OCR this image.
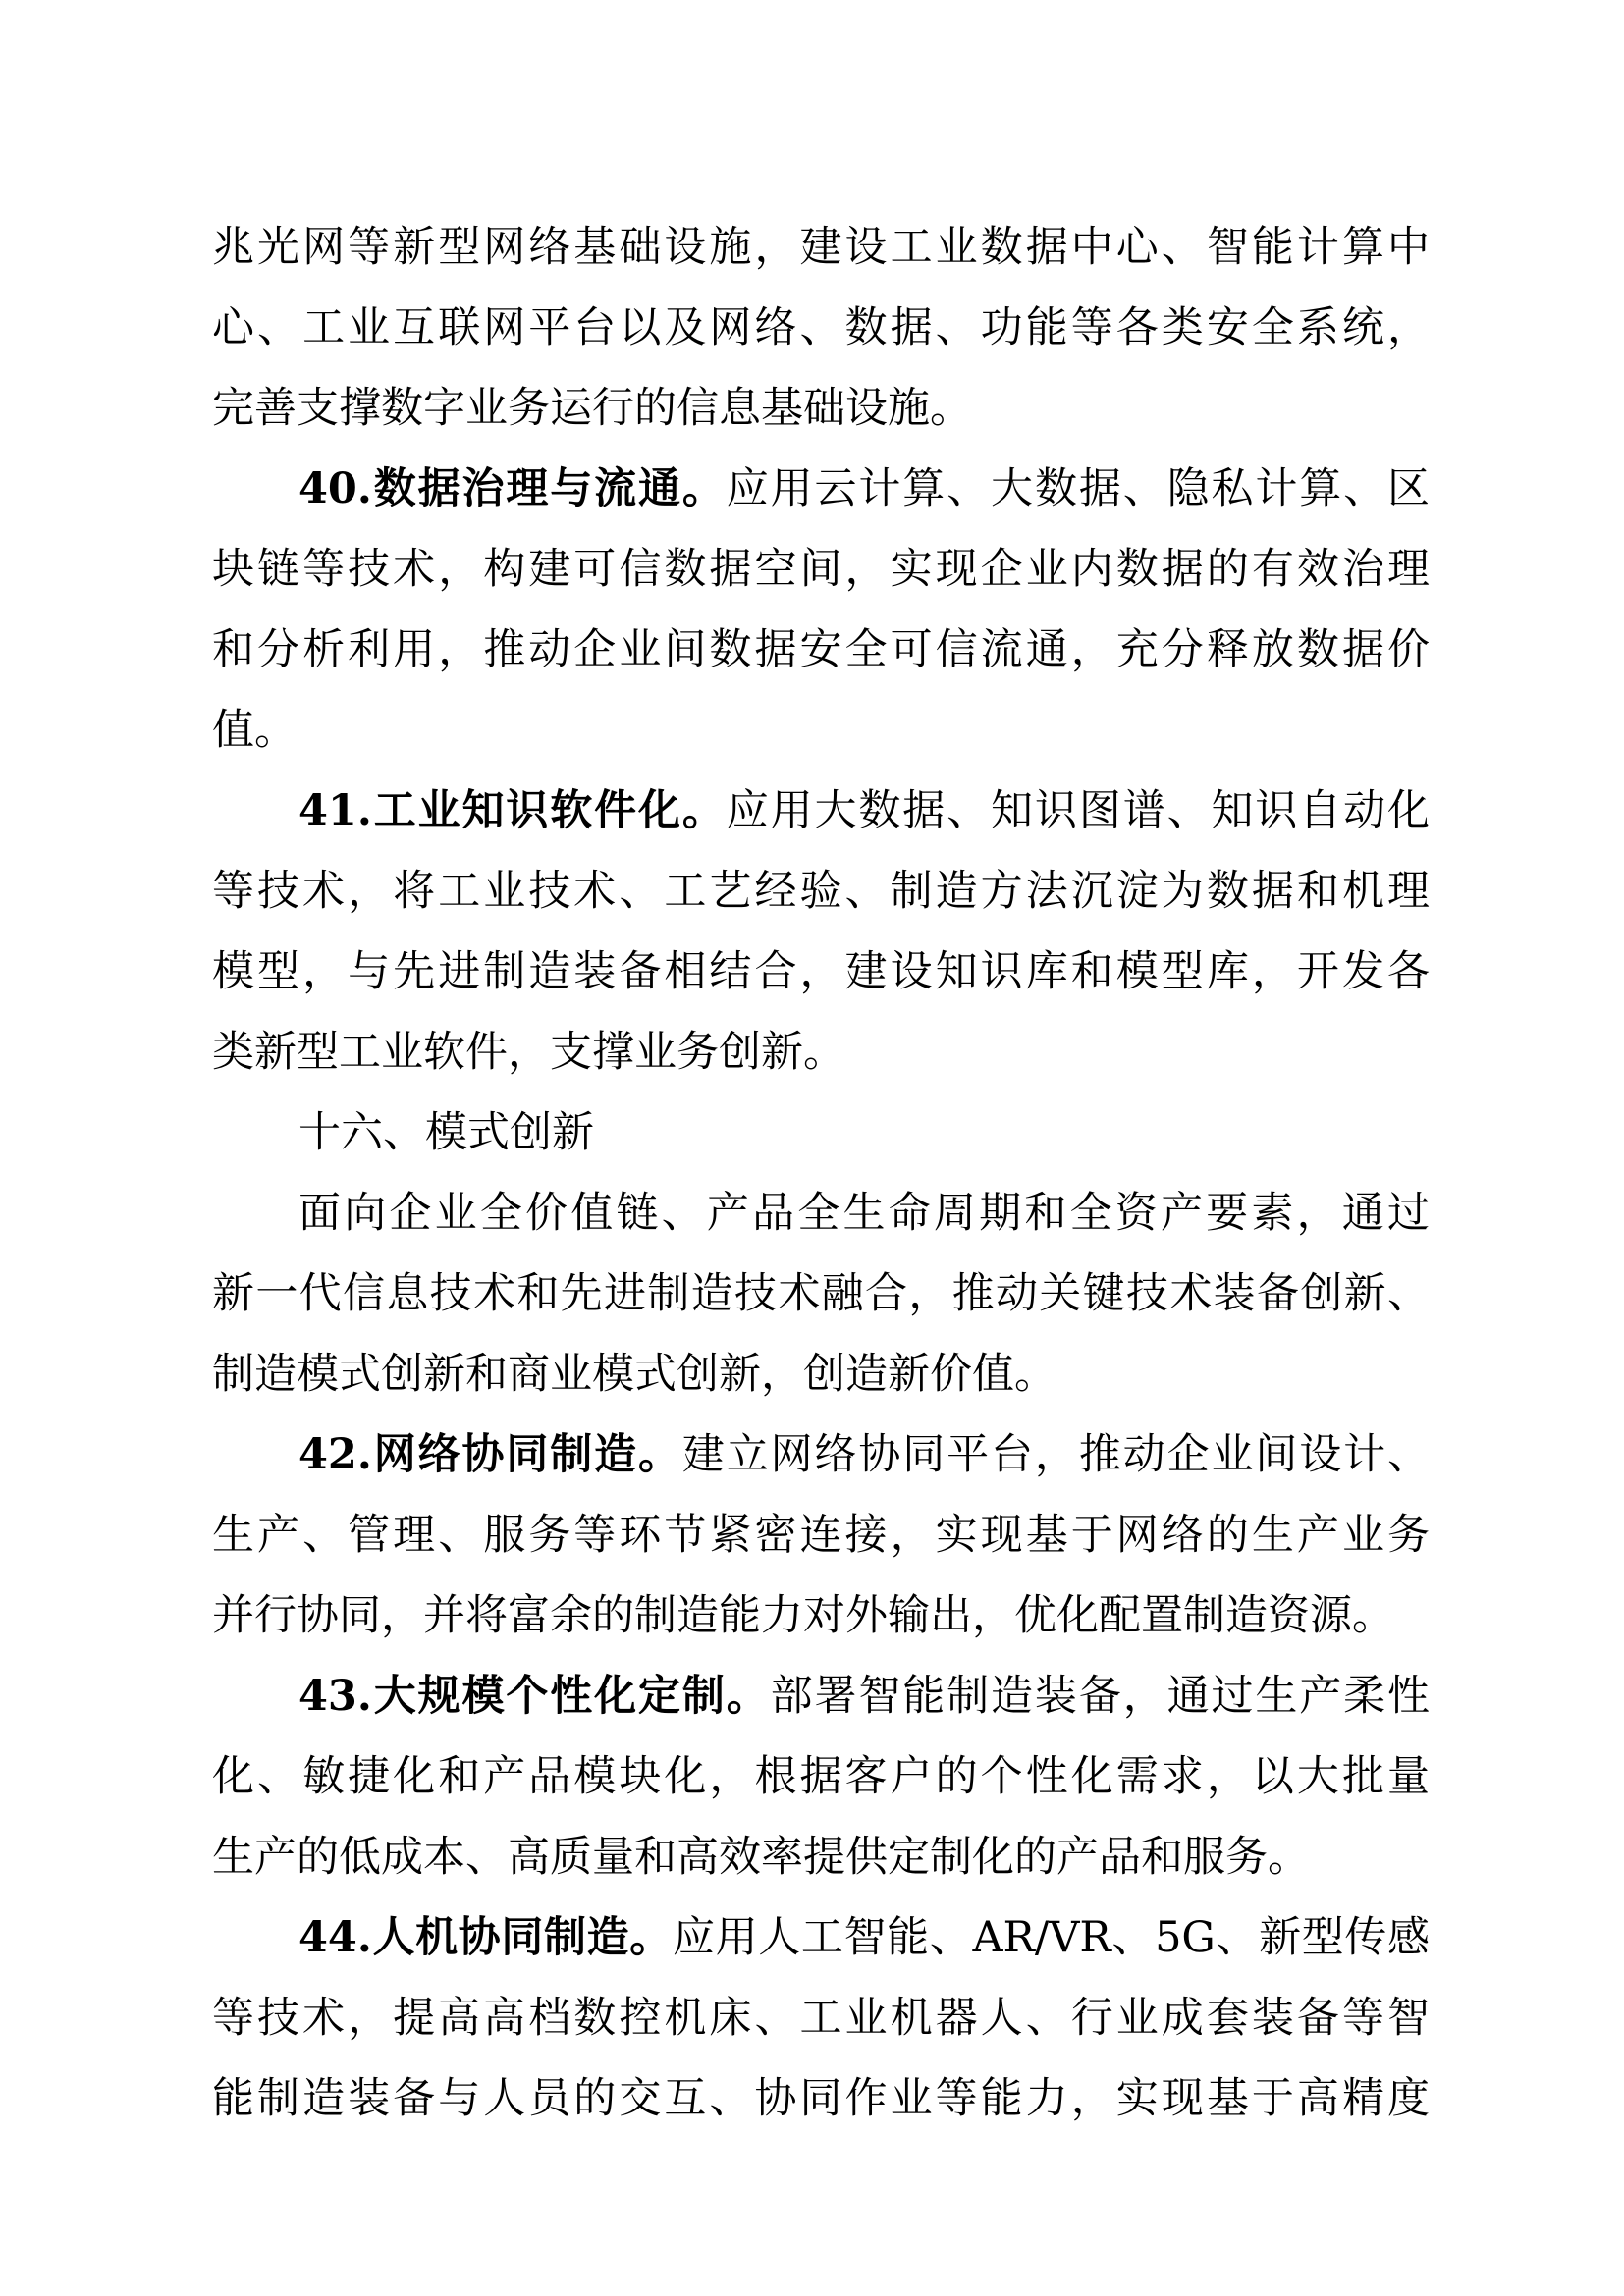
兆光网等新型网络基础设施，建设工业数据中心、智能计算中
心、工业互联网平台以及网络、数据、功能等各类安全系统，
完善支撑数字业务运行的信息基础设施。
40.数据治理与流通。应用云计算、大数据、隐私计算、区
块链等技术，构建可信数据空间，实现企业内数据的有效治理
和分析利用，推动企业间数据安全可信流通，充分释放数据价
值。
41.工业知识软件化。应用大数据、知识图谱、知识自动化
等技术，将工业技术、工艺经验、制造方法沉淀为数据和机理
模型，与先进制造装备相结合，建设知识库和模型库，开发各
类新型工业软件，支撑业务创新。
十六、模式创新
面向企业全价值链、产品全生命周期和全资产要素，通过
新一代信息技术和先进制造技术融合，推动关键技术装备创新、
制造模式创新和商业模式创新，创造新价值。
42.网络协同制造。建立网络协同平台，推动企业间设计、
生产、管理、服务等环节紧密连接，实现基于网络的生产业务
并行协同，并将富余的制造能力对外输出，优化配置制造资源。
43.大规模个性化定制。部署智能制造装备，通过生产柔性
化、敏捷化和产品模块化，根据客户的个性化需求，以大批量
生产的低成本、高质量和高效率提供定制化的产品和服务。
44.人机协同制造。应用人工智能、AR/VR、5G、新型传感
等技术，提高高档数控机床、工业机器人、行业成套装备等智
能制造装备与人员的交互、协同作业等能力，实现基于高精度
